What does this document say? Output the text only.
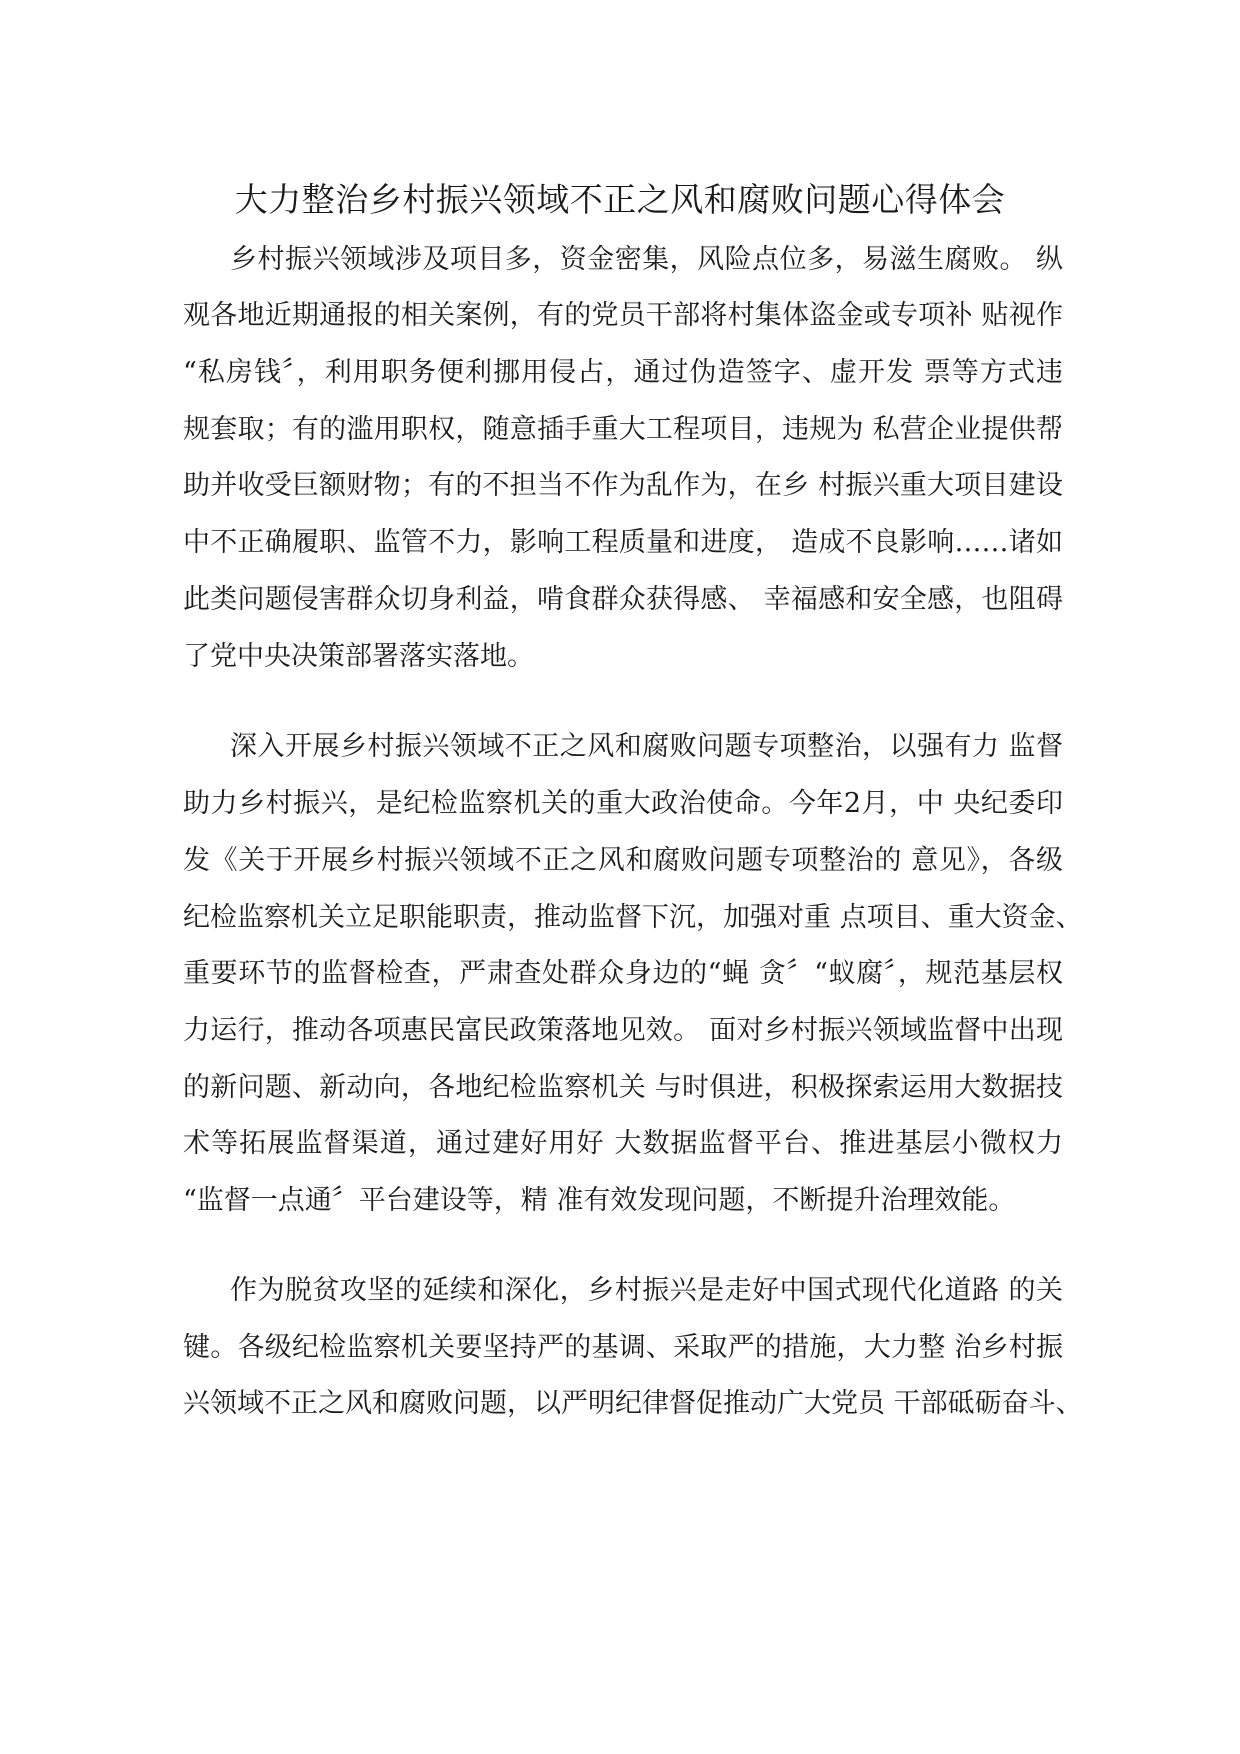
大力整治乡村振兴领域不正之风和腐败问题心得体会

乡村振兴领域涉及项目多，资金密集，风险点位多，易滋生腐败。 纵

观各地近期通报的相关案例，有的党员干部将村集体盗金或专项补 贴视作

“私房钱〞，利用职务便利挪用侵占，通过伪造签字、虚开发 票等方式违

规套取；有的滥用职权，随意插手重大工程项目，违规为 私营企业提供帮

助并收受巨额财物；有的不担当不作为乱作为，在乡 村振兴重大项目建设

中不正确履职、监管不力，影响工程质量和进度， 造成不良影响……诸如

此类问题侵害群众切身利益，啃食群众获得感、 幸福感和安全感，也阻碍

了党中央决策部署落实落地。

深入开展乡村振兴领域不正之风和腐败问题专项整治，以强有力 监督

助力乡村振兴，是纪检监察机关的重大政治使命。今年2月，中 央纪委印

发《关于开展乡村振兴领域不正之风和腐败问题专项整治的 意见》，各级

纪检监察机关立足职能职责，推动监督下沉，加强对重 点项目、重大资金、

重要环节的监督检查，严肃查处群众身边的“蝇 贪〞“蚁腐〞，规范基层权

力运行，推动各项惠民富民政策落地见效。 面对乡村振兴领域监督中出现

的新问题、新动向，各地纪检监察机关 与时俱进，积极探索运用大数据技

术等拓展监督渠道，通过建好用好 大数据监督平台、推进基层小微权力

“监督一点通〞平台建设等，精 准有效发现问题，不断提升治理效能。

作为脱贫攻坚的延续和深化，乡村振兴是走好中国式现代化道路 的关

键。各级纪检监察机关要坚持严的基调、采取严的措施，大力整 治乡村振

兴领域不正之风和腐败问题，以严明纪律督促推动广大党员 干部砥砺奋斗、
